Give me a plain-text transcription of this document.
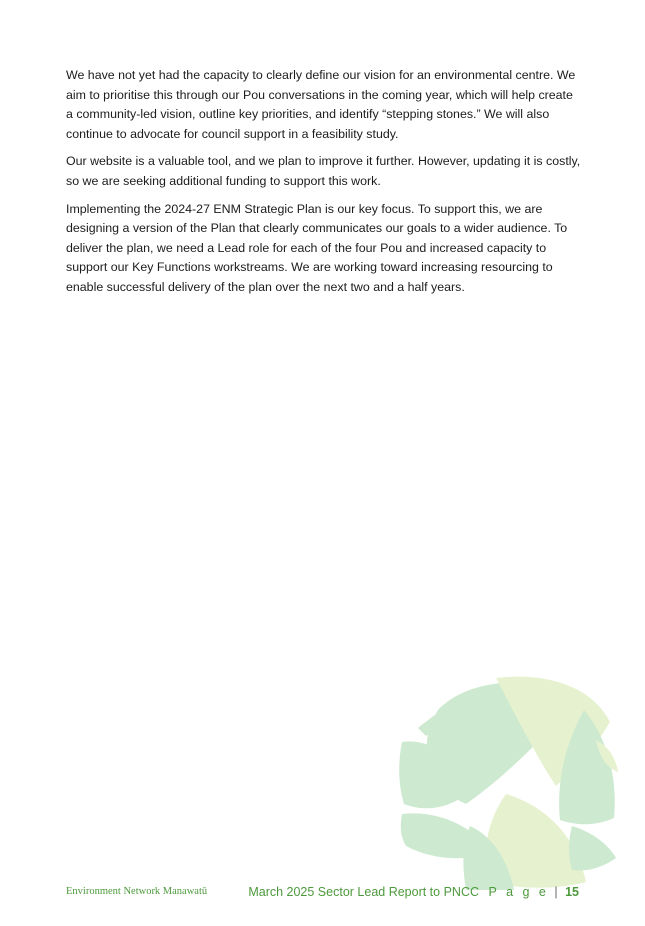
We have not yet had the capacity to clearly define our vision for an environmental centre. We aim to prioritise this through our Pou conversations in the coming year, which will help create a community-led vision, outline key priorities, and identify “stepping stones.” We will also continue to advocate for council support in a feasibility study.

Our website is a valuable tool, and we plan to improve it further. However, updating it is costly, so we are seeking additional funding to support this work.

Implementing the 2024-27 ENM Strategic Plan is our key focus. To support this, we are designing a version of the Plan that clearly communicates our goals to a wider audience. To deliver the plan, we need a Lead role for each of the four Pou and increased capacity to support our Key Functions workstreams. We are working toward increasing resourcing to enable successful delivery of the plan over the next two and a half years.

Environment Network Manawatū	March 2025 Sector Lead Report to PNCC P a g e | 15
